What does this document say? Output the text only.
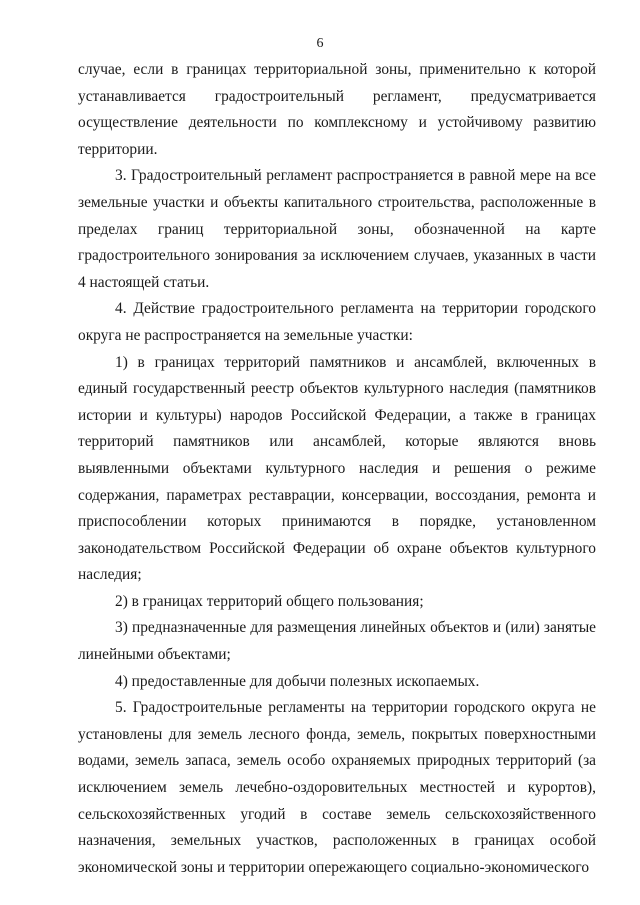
6

случае, если в границах территориальной зоны, применительно к которой устанавливается градостроительный регламент, предусматривается осуществление деятельности по комплексному и устойчивому развитию территории.

3. Градостроительный регламент распространяется в равной мере на все земельные участки и объекты капитального строительства, расположенные в пределах границ территориальной зоны, обозначенной на карте градостроительного зонирования за исключением случаев, указанных в части 4 настоящей статьи.

4. Действие градостроительного регламента на территории городского округа не распространяется на земельные участки:

1) в границах территорий памятников и ансамблей, включенных в единый государственный реестр объектов культурного наследия (памятников истории и культуры) народов Российской Федерации, а также в границах территорий памятников или ансамблей, которые являются вновь выявленными объектами культурного наследия и решения о режиме содержания, параметрах реставрации, консервации, воссоздания, ремонта и приспособлении которых принимаются в порядке, установленном законодательством Российской Федерации об охране объектов культурного наследия;

2) в границах территорий общего пользования;

3) предназначенные для размещения линейных объектов и (или) занятые линейными объектами;

4) предоставленные для добычи полезных ископаемых.

5. Градостроительные регламенты на территории городского округа не установлены для земель лесного фонда, земель, покрытых поверхностными водами, земель запаса, земель особо охраняемых природных территорий (за исключением земель лечебно-оздоровительных местностей и курортов), сельскохозяйственных угодий в составе земель сельскохозяйственного назначения, земельных участков, расположенных в границах особой экономической зоны и территории опережающего социально-экономического
